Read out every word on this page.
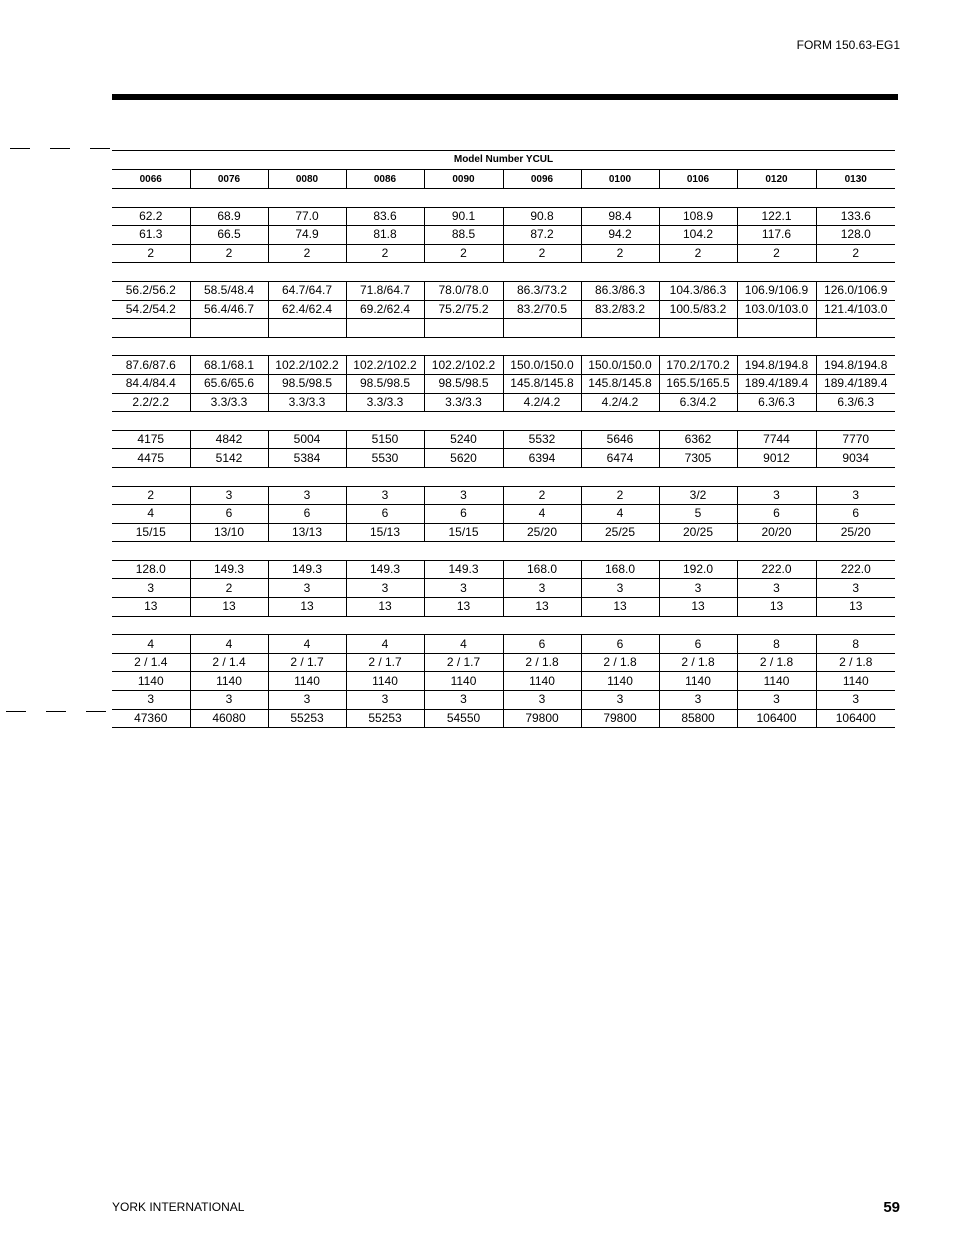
FORM 150.63-EG1
Model Number YCUL

0066	0076	0080	0086	0090	0096	0100	0106	0120	0130

62.2	68.9	77.0	83.6	90.1	90.8	98.4	108.9	122.1	133.6
61.3	66.5	74.9	81.8	88.5	87.2	94.2	104.2	117.6	128.0
2	2	2	2	2	2	2	2	2	2

56.2/56.2	58.5/48.4	64.7/64.7	71.8/64.7	78.0/78.0	86.3/73.2	86.3/86.3	104.3/86.3	106.9/106.9	126.0/106.9
54.2/54.2	56.4/46.7	62.4/62.4	69.2/62.4	75.2/75.2	83.2/70.5	83.2/83.2	100.5/83.2	103.0/103.0	121.4/103.0

87.6/87.6	68.1/68.1	102.2/102.2	102.2/102.2	102.2/102.2	150.0/150.0	150.0/150.0	170.2/170.2	194.8/194.8	194.8/194.8
84.4/84.4	65.6/65.6	98.5/98.5	98.5/98.5	98.5/98.5	145.8/145.8	145.8/145.8	165.5/165.5	189.4/189.4	189.4/189.4
2.2/2.2	3.3/3.3	3.3/3.3	3.3/3.3	3.3/3.3	4.2/4.2	4.2/4.2	6.3/4.2	6.3/6.3	6.3/6.3

4175	4842	5004	5150	5240	5532	5646	6362	7744	7770
4475	5142	5384	5530	5620	6394	6474	7305	9012	9034

2	3	3	3	3	2	2	3/2	3	3
4	6	6	6	6	4	4	5	6	6
15/15	13/10	13/13	15/13	15/15	25/20	25/25	20/25	20/20	25/20

128.0	149.3	149.3	149.3	149.3	168.0	168.0	192.0	222.0	222.0
3	2	3	3	3	3	3	3	3	3
13	13	13	13	13	13	13	13	13	13

4	4	4	4	4	6	6	6	8	8
2 / 1.4	2 / 1.4	2 / 1.7	2 / 1.7	2 / 1.7	2 / 1.8	2 / 1.8	2 / 1.8	2 / 1.8	2 / 1.8
1140	1140	1140	1140	1140	1140	1140	1140	1140	1140
3	3	3	3	3	3	3	3	3	3
47360	46080	55253	55253	54550	79800	79800	85800	106400	106400
YORK INTERNATIONAL	59
